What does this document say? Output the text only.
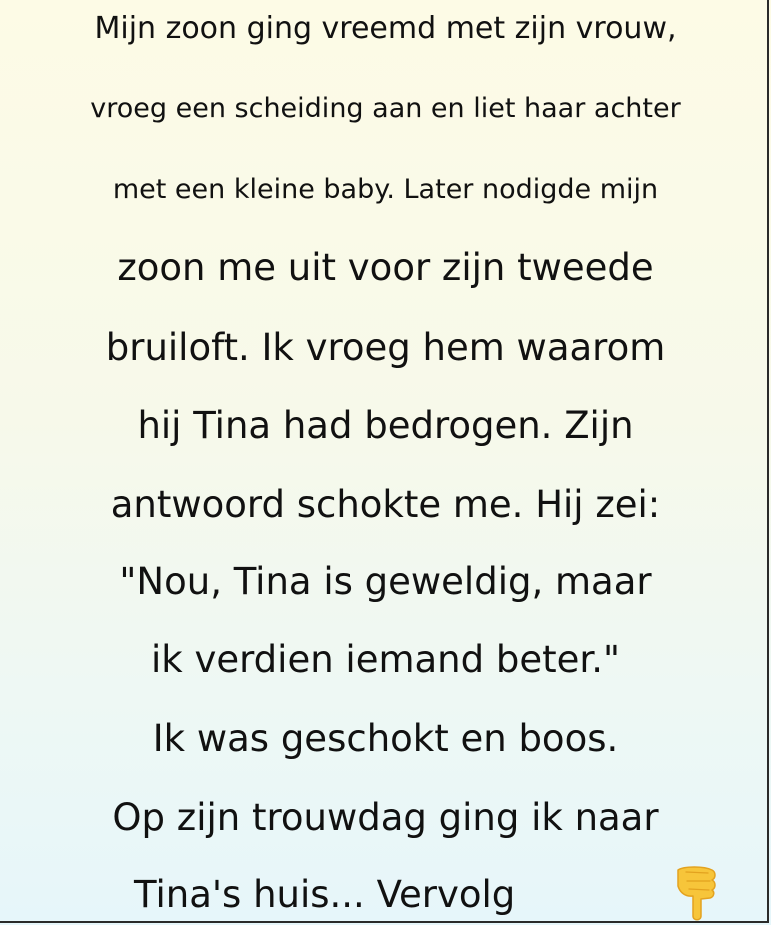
Mijn zoon ging vreemd met zijn vrouw,
vroeg een scheiding aan en liet haar achter
met een kleine baby. Later nodigde mijn
zoon me uit voor zijn tweede
bruiloft. Ik vroeg hem waarom
hij Tina had bedrogen. Zijn
antwoord schokte me. Hij zei:
"Nou, Tina is geweldig, maar
ik verdien iemand beter."
Ik was geschokt en boos.
Op zijn trouwdag ging ik naar
Tina's huis... Vervolg
